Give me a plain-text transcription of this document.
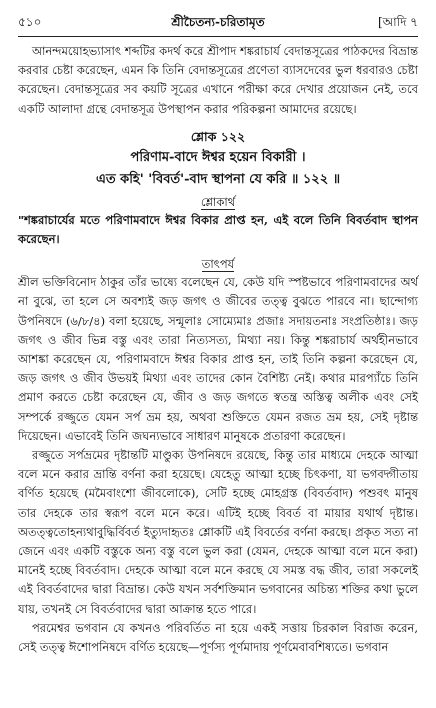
৫১০	শ্রীচৈতন্য-চরিতামৃত	[আদি ৭

আনন্দময়োহভ্যাসাৎ শব্দটির কদর্থ করে শ্রীপাদ শঙ্করাচার্য বেদান্তসূত্রের পাঠকদের বিভ্রান্ত করবার চেষ্টা করেছেন, এমন কি তিনি বেদান্তসূত্রের প্রণেতা ব্যাসদেবের ভুল ধরবারও চেষ্টা করেছেন। বেদান্তসূত্রের সব কয়টি সূত্রের এখানে পরীক্ষা করে দেখার প্রয়োজন নেই, তবে একটি আলাদা গ্রন্থে বেদান্তসূত্র উপস্থাপন করার পরিকল্পনা আমাদের রয়েছে।

শ্লোক ১২২
পরিণাম-বাদে ঈশ্বর হয়েন বিকারী ।
এত কহি' 'বিবর্ত'-বাদ স্থাপনা যে করি ॥ ১২২ ॥
শ্লোকার্থ
"শঙ্করাচার্যের মতে পরিণামবাদে ঈশ্বর বিকার প্রাপ্ত হন, এই বলে তিনি বিবর্তবাদ স্থাপন করেছেন।
তাৎপর্য

শ্রীল ভক্তিবিনোদ ঠাকুর তাঁর ভাষ্যে বলেছেন যে, কেউ যদি স্পষ্টভাবে পরিণামবাদের অর্থ না বুঝে, তা হলে সে অবশ্যই জড় জগৎ ও জীবের তত্ত্ব বুঝতে পারবে না। ছান্দোগ্য উপনিষদে (৬/৮/৪) বলা হয়েছে, সন্মূলাঃ সোম্যেমাঃ প্রজাঃ সদায়তনাঃ সংপ্রতিষ্ঠাঃ। জড় জগৎ ও জীব ভিন্ন বস্তু এবং তারা নিত্যসত্য, মিথ্যা নয়। কিন্তু শঙ্করাচার্য অর্থহীনভাবে আশঙ্কা করেছেন যে, পরিণামবাদে ঈশ্বর বিকার প্রাপ্ত হন, তাই তিনি কল্পনা করেছেন যে, জড় জগৎ ও জীব উভয়ই মিথ্যা এবং তাদের কোন বৈশিষ্ট্য নেই। কথার মারপ্যাঁচে তিনি প্রমাণ করতে চেষ্টা করেছেন যে, জীব ও জড় জগতে স্বতন্ত্র অস্তিত্ব অলীক এবং সেই সম্পর্কে রজ্জুতে যেমন সর্প ভ্রম হয়, অথবা শুক্তিতে যেমন রজত ভ্রম হয়, সেই দৃষ্টান্ত দিয়েছেন। এভাবেই তিনি জঘন্যভাবে সাধারণ মানুষকে প্রতারণা করেছেন।

রজ্জুতে সর্পভ্রমের দৃষ্টান্তটি মাণ্ডুক্য উপনিষদে রয়েছে, কিন্তু তার মাধ্যমে দেহকে আত্মা বলে মনে করার ভ্রান্তি বর্ণনা করা হয়েছে। যেহেতু আত্মা হচ্ছে চিৎকণা, যা ভগবদ্গীতায় বর্ণিত হয়েছে (মমৈবাংশো জীবলোকে), সেটি হচ্ছে মোহগ্রস্ত (বিবর্তবাদ) পশুবৎ মানুষ তার দেহকে তার স্বরূপ বলে মনে করে। এটিই হচ্ছে বিবর্ত বা মায়ার যথার্থ দৃষ্টান্ত। অতত্ত্বতোহন্যথাবুদ্ধির্বিবর্ত ইত্যুদাহৃতঃ শ্লোকটি এই বিবর্তের বর্ণনা করছে। প্রকৃত সত্য না জেনে এবং একটি বস্তুকে অন্য বস্তু বলে ভুল করা (যেমন, দেহকে আত্মা বলে মনে করা) মানেই হচ্ছে বিবর্তবাদ। দেহকে আত্মা বলে মনে করছে যে সমস্ত বদ্ধ জীব, তারা সকলেই এই বিবর্তবাদের দ্বারা বিভ্রান্ত। কেউ যখন সর্বশক্তিমান ভগবানের অচিন্ত্য শক্তির কথা ভুলে যায়, তখনই সে বিবর্তবাদের দ্বারা আক্রান্ত হতে পারে।

পরমেশ্বর ভগবান যে কখনও পরিবর্তিত না হয়ে একই সত্তায় চিরকাল বিরাজ করেন, সেই তত্ত্ব ঈশোপনিষদে বর্ণিত হয়েছে—পূর্ণস্য পূর্ণমাদায় পূর্ণমেবাবশিষ্যতে। ভগবান
